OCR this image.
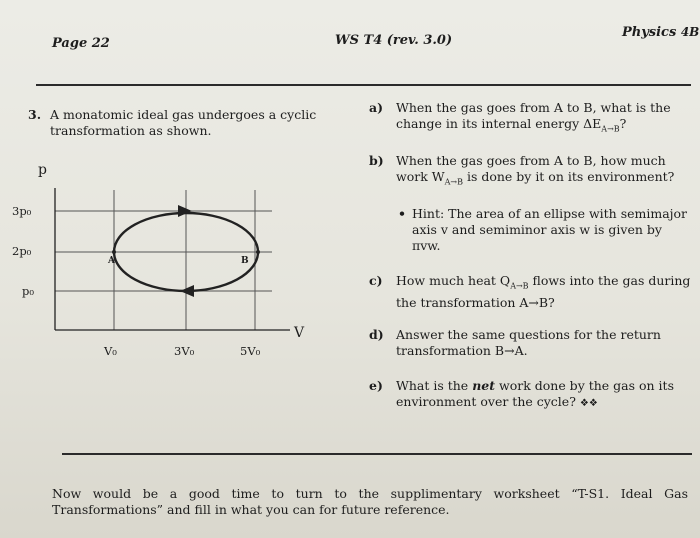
Page 22	WS T4 (rev. 3.0)
Physics 4B
3. A monatomic ideal gas undergoes a cyclic transformation as shown.
p
3p₀
2p₀
p₀
V₀	3V₀	5V₀
V
A	B
a) When the gas goes from A to B, what is the change in its internal energy $\Delta E_{A\to B}$?
b) When the gas goes from A to B, how much work $W_{A\to B}$ is done by it on its environment?
• Hint: The area of an ellipse with semimajor axis v and semiminor axis w is given by πvw.
c) How much heat $Q_{A\to B}$ flows into the gas during the transformation A→B?
d) Answer the same questions for the return transformation B→A.
e) What is the net work done by the gas on its environment over the cycle? ❖❖
Now would be a good time to turn to the supplimentary worksheet “T-S1. Ideal Gas Transformations” and fill in what you can for future reference.
